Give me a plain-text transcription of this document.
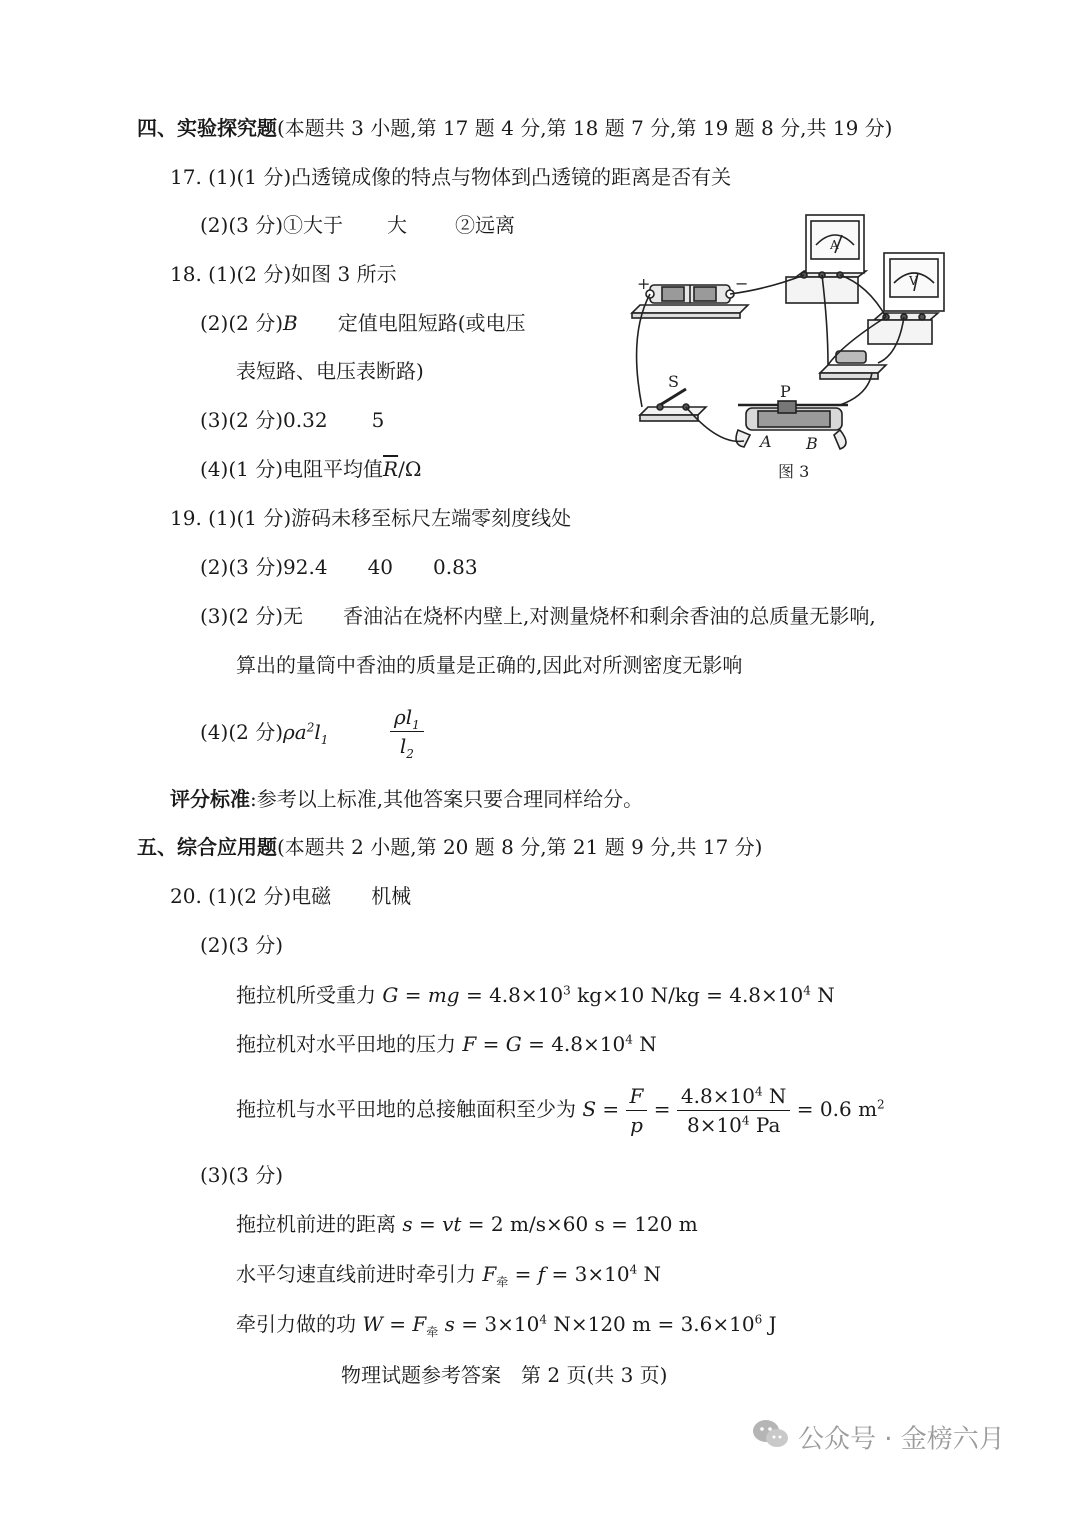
四、实验探究题(本题共 3 小题,第 17 题 4 分,第 18 题 7 分,第 19 题 8 分,共 19 分)
17. (1)(1 分)凸透镜成像的特点与物体到凸透镜的距离是否有关
(2)(3 分)①大于 大 ②远离
18. (1)(2 分)如图 3 所示
(2)(2 分)B 定值电阻短路(或电压
表短路、电压表断路)
(3)(2 分)0.32 5
(4)(1 分)电阻平均值$\overline{R}/\Omega$
+	−
A
V
S
P
A B
图 3
19. (1)(1 分)游码未移至标尺左端零刻度线处
(2)(3 分)92.4 40 0.83
(3)(2 分)无 香油沾在烧杯内壁上,对测量烧杯和剩余香油的总质量无影响,
算出的量筒中香油的质量是正确的,因此对所测密度无影响
(4)(2 分)$\rho a^2l_1$	$\frac{\rho l_1}{l_2}$
评分标准:参考以上标准,其他答案只要合理同样给分。
五、综合应用题(本题共 2 小题,第 20 题 8 分,第 21 题 9 分,共 17 分)
20. (1)(2 分)电磁 机械
(2)(3 分)
拖拉机所受重力 G = mg = $4.8\times 10^3$ kg×10 $N/kg = 4.8\times 10^4$ N
拖拉机对水平田地的压力 $F = G = 4.8\times 10^4$ N
拖拉机与水平田地的总接触面积至少为 $S = \frac{F}{p} = \frac{4.8\times 10^4 N}{8\times 10^4 Pa} = 0.6$ $m^2$
(3)(3 分)
拖拉机前进的距离 s = vt = 2 m/s×60 s = 120 m
水平匀速直线前进时牵引力 $F_牵 = f = 3\times 10^4$ N
牵引力做的功 $W = F_牵$ $s = 3\times 10^4$ N×120 $m = 3.6\times 10^6$ J
物理试题参考答案　第 2 页(共 3 页)
公众号 · 金榜六月
